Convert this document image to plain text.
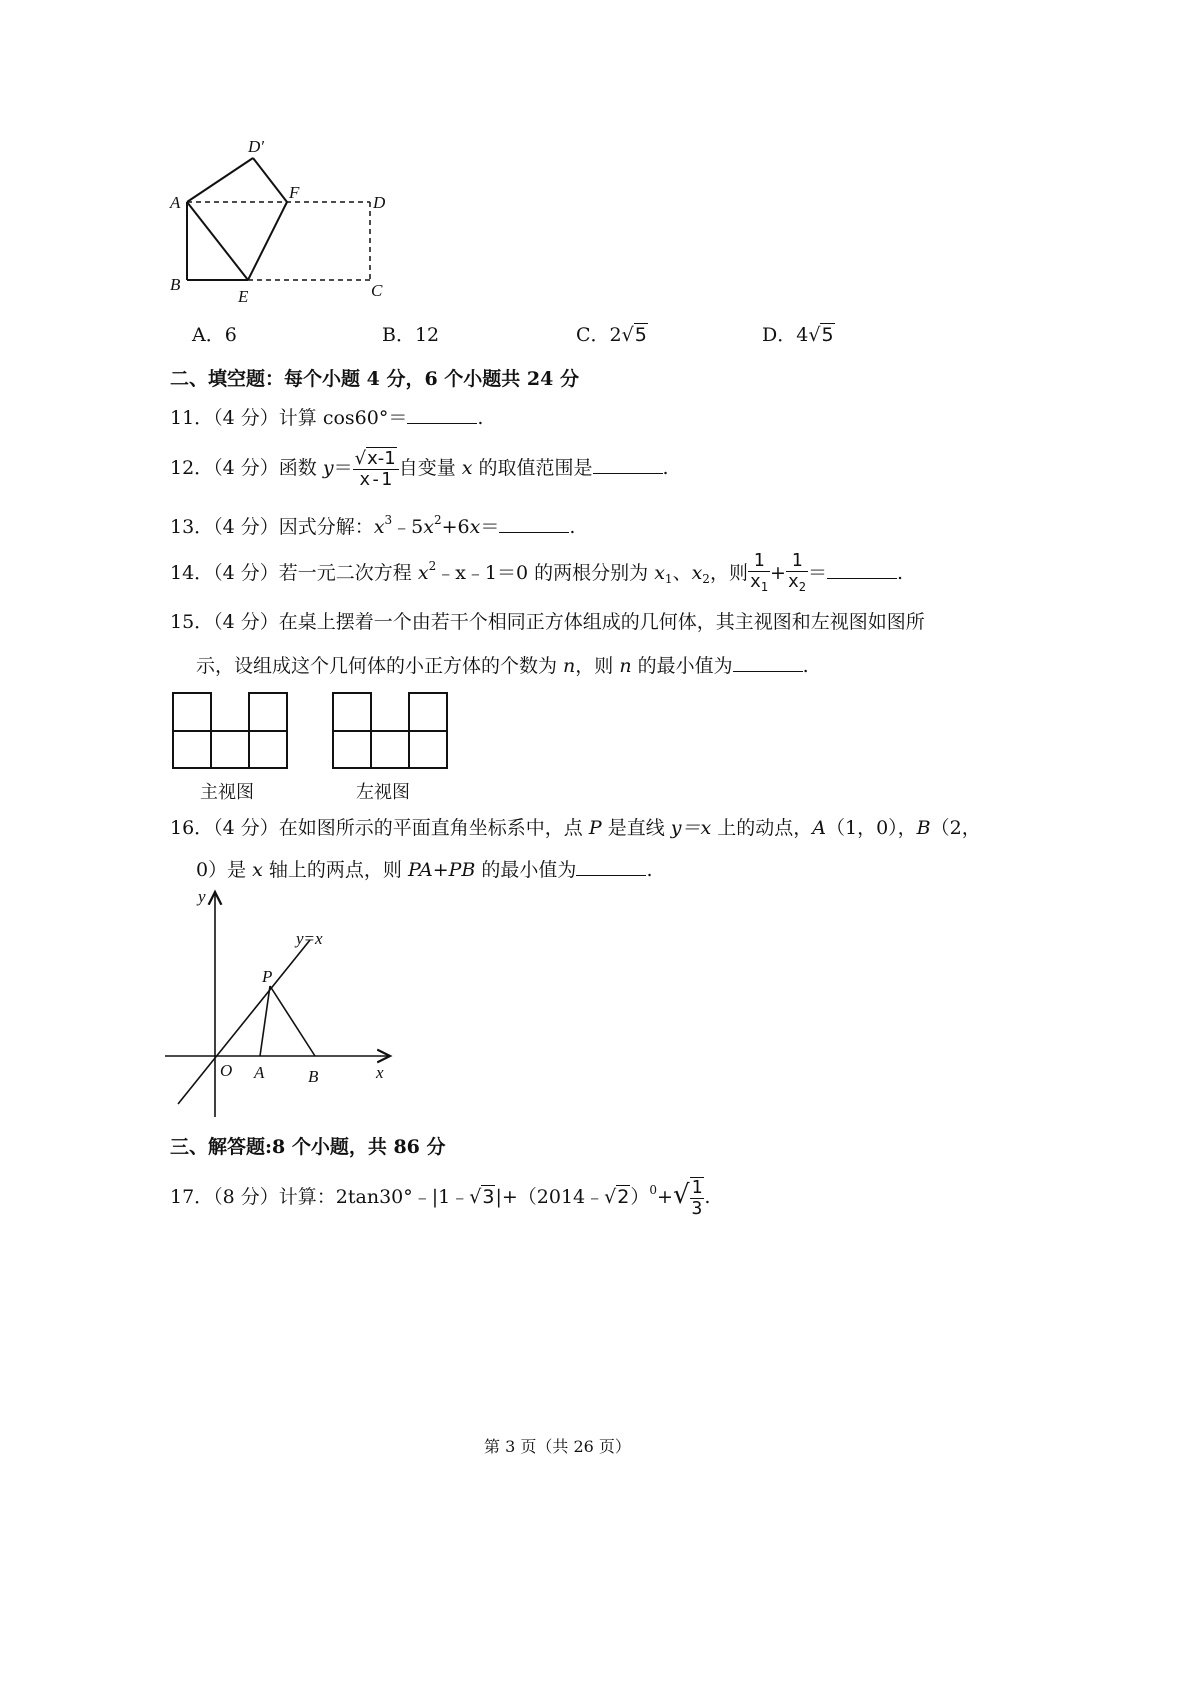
A
B	C
D
D′
E
F
A．6	B．12	C．2√5	D．4√5
二、填空题：每个小题 4 分，6 个小题共 24 分
11．（4 分）计算 cos60°＝	.
12．（4 分）函数 $y= \frac{√x-1}{x-1}$ 自变量 x 的取值范围是	.
13．（4 分）因式分解：$x^3﹣5x^2+6x=$	.
14．（4 分）若一元二次方程 $x^2﹣x﹣1=0$ 的两根分别为 $x_1$、$x_2$，则 $\frac{1}{x_1} + \frac{1}{x_2}$ ＝	.
15．（4 分）在桌上摆着一个由若干个相同正方体组成的几何体，其主视图和左视图如图所
示，设组成这个几何体的小正方体的个数为 n，则 n 的最小值为	.
主视图	左视图
16．（4 分）在如图所示的平面直角坐标系中，点 P 是直线 y＝x 上的动点，A（1，0），B（2，
0）是 x 轴上的两点，则 PA+PB 的最小值为	.
y
x
y=x
P
O A	B
三、解答题:8 个小题，共 86 分
17．（8 分）计算：2tan30°﹣|1﹣√3|+（2014﹣√2）$^0$+√ $\frac{1}{3}$ .
第 3 页（共 26 页）
